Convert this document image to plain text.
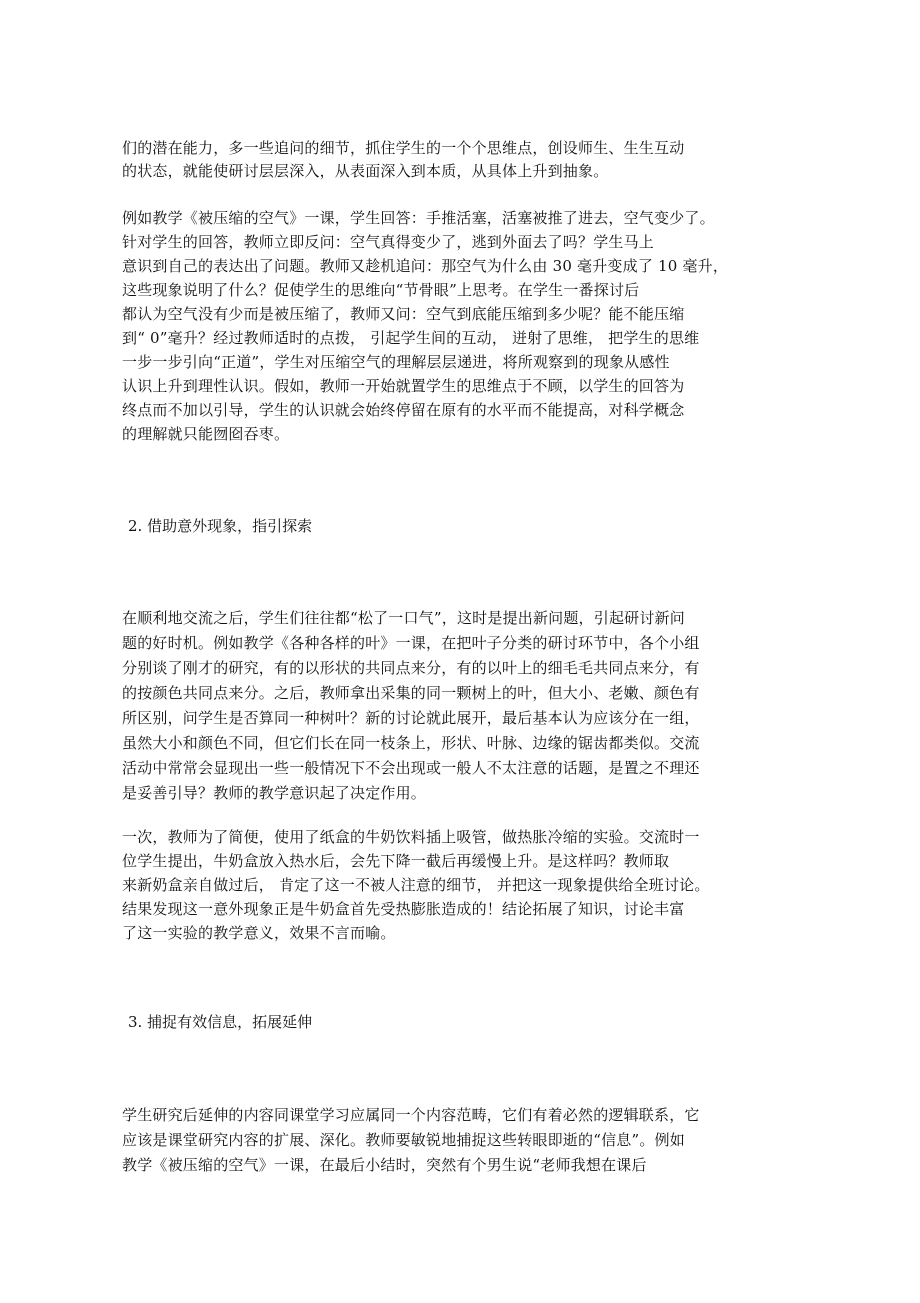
们的潜在能力，多一些追问的细节，抓住学生的一个个思维点，创设师生、生生互动
的状态，就能使研讨层层深入，从表面深入到本质，从具体上升到抽象。
例如教学《被压缩的空气》一课，学生回答：手推活塞，活塞被推了进去，空气变少了。
针对学生的回答，教师立即反问：空气真得变少了，逃到外面去了吗？学生马上
意识到自己的表达出了问题。教师又趁机追问：那空气为什么由 30 毫升变成了 10 毫升，
这些现象说明了什么？促使学生的思维向“节骨眼”上思考。在学生一番探讨后
都认为空气没有少而是被压缩了，教师又问：空气到底能压缩到多少呢？能不能压缩
到“ 0”毫升？经过教师适时的点拨， 引起学生间的互动， 迸射了思维， 把学生的思维
一步一步引向“正道”，学生对压缩空气的理解层层递进，将所观察到的现象从感性
认识上升到理性认识。假如，教师一开始就置学生的思维点于不顾，以学生的回答为
终点而不加以引导，学生的认识就会始终停留在原有的水平而不能提高，对科学概念
的理解就只能囫囵吞枣。
2. 借助意外现象，指引探索
在顺利地交流之后，学生们往往都“松了一口气”，这时是提出新问题，引起研讨新问
题的好时机。例如教学《各种各样的叶》一课，在把叶子分类的研讨环节中，各个小组
分别谈了刚才的研究，有的以形状的共同点来分，有的以叶上的细毛毛共同点来分，有
的按颜色共同点来分。之后，教师拿出采集的同一颗树上的叶，但大小、老嫩、颜色有
所区别，问学生是否算同一种树叶？新的讨论就此展开，最后基本认为应该分在一组，
虽然大小和颜色不同，但它们长在同一枝条上，形状、叶脉、边缘的锯齿都类似。交流
活动中常常会显现出一些一般情况下不会出现或一般人不太注意的话题，是置之不理还
是妥善引导？教师的教学意识起了决定作用。
一次，教师为了简便，使用了纸盒的牛奶饮料插上吸管，做热胀冷缩的实验。交流时一
位学生提出，牛奶盒放入热水后，会先下降一截后再缓慢上升。是这样吗？教师取
来新奶盒亲自做过后， 肯定了这一不被人注意的细节， 并把这一现象提供给全班讨论。
结果发现这一意外现象正是牛奶盒首先受热膨胀造成的！结论拓展了知识，讨论丰富
了这一实验的教学意义，效果不言而喻。
3. 捕捉有效信息，拓展延伸
学生研究后延伸的内容同课堂学习应属同一个内容范畴，它们有着必然的逻辑联系，它
应该是课堂研究内容的扩展、深化。教师要敏锐地捕捉这些转眼即逝的“信息”。例如
教学《被压缩的空气》一课，在最后小结时，突然有个男生说“老师我想在课后
